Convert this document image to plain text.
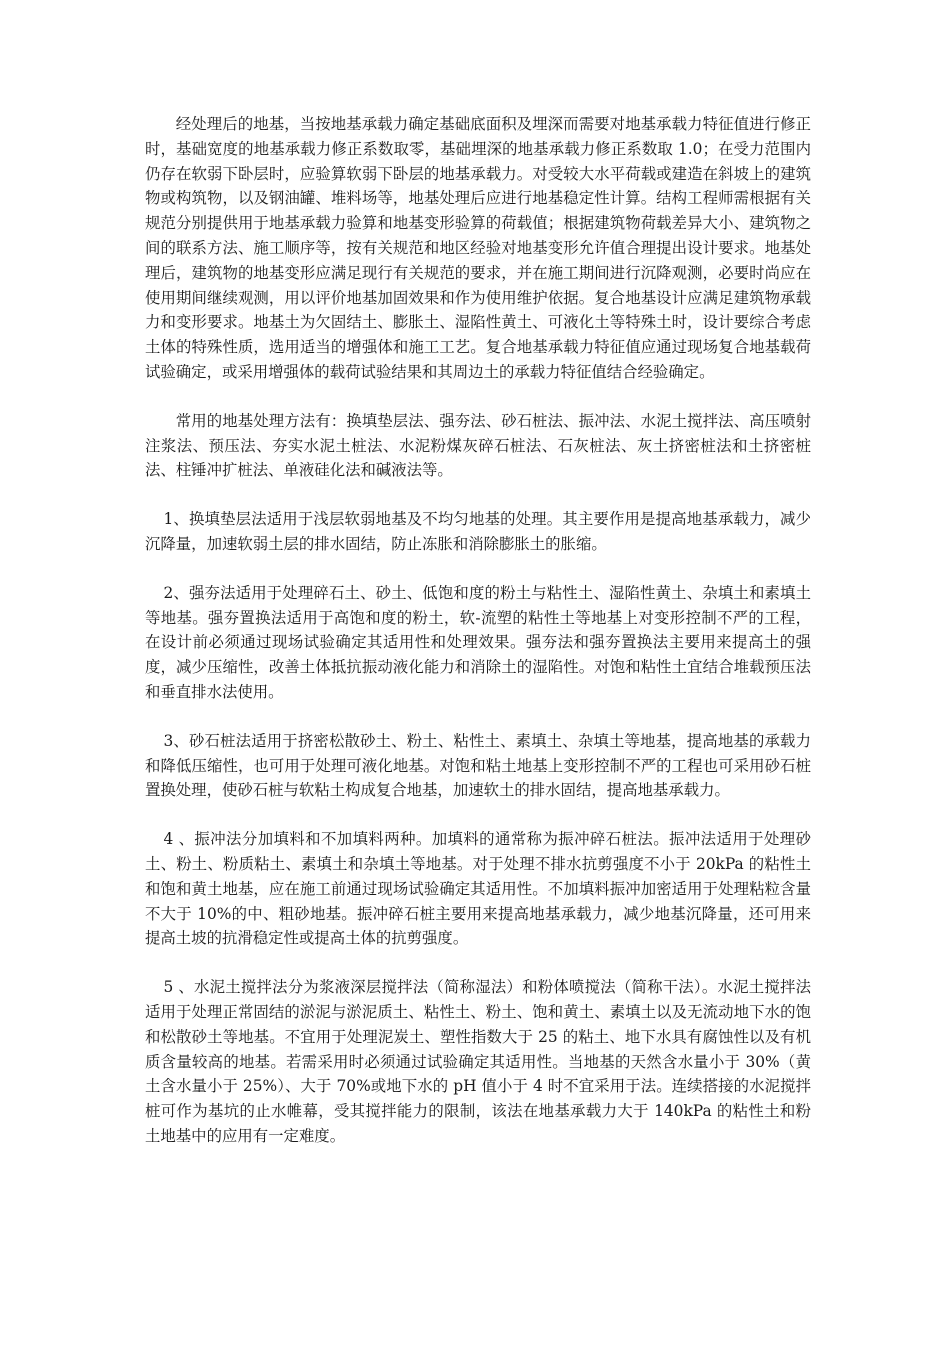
经处理后的地基，当按地基承载力确定基础底面积及埋深而需要对地基承载力特征值进行修正时，基础宽度的地基承载力修正系数取零，基础埋深的地基承载力修正系数取 1.0；在受力范围内仍存在软弱下卧层时，应验算软弱下卧层的地基承载力。对受较大水平荷载或建造在斜坡上的建筑物或构筑物，以及钢油罐、堆料场等，地基处理后应进行地基稳定性计算。结构工程师需根据有关规范分别提供用于地基承载力验算和地基变形验算的荷载值；根据建筑物荷载差异大小、建筑物之间的联系方法、施工顺序等，按有关规范和地区经验对地基变形允许值合理提出设计要求。地基处理后，建筑物的地基变形应满足现行有关规范的要求，并在施工期间进行沉降观测，必要时尚应在使用期间继续观测，用以评价地基加固效果和作为使用维护依据。复合地基设计应满足建筑物承载力和变形要求。地基土为欠固结土、膨胀土、湿陷性黄土、可液化土等特殊土时，设计要综合考虑土体的特殊性质，选用适当的增强体和施工工艺。复合地基承载力特征值应通过现场复合地基载荷试验确定，或采用增强体的载荷试验结果和其周边土的承载力特征值结合经验确定。

常用的地基处理方法有：换填垫层法、强夯法、砂石桩法、振冲法、水泥土搅拌法、高压喷射注浆法、预压法、夯实水泥土桩法、水泥粉煤灰碎石桩法、石灰桩法、灰土挤密桩法和土挤密桩法、柱锤冲扩桩法、单液硅化法和碱液法等。

1、换填垫层法适用于浅层软弱地基及不均匀地基的处理。其主要作用是提高地基承载力，减少沉降量，加速软弱土层的排水固结，防止冻胀和消除膨胀土的胀缩。

2、强夯法适用于处理碎石土、砂土、低饱和度的粉土与粘性土、湿陷性黄土、杂填土和素填土等地基。强夯置换法适用于高饱和度的粉土，软-流塑的粘性土等地基上对变形控制不严的工程，在设计前必须通过现场试验确定其适用性和处理效果。强夯法和强夯置换法主要用来提高土的强度，减少压缩性，改善土体抵抗振动液化能力和消除土的湿陷性。对饱和粘性土宜结合堆载预压法和垂直排水法使用。

3、砂石桩法适用于挤密松散砂土、粉土、粘性土、素填土、杂填土等地基，提高地基的承载力和降低压缩性，也可用于处理可液化地基。对饱和粘土地基上变形控制不严的工程也可采用砂石桩置换处理，使砂石桩与软粘土构成复合地基，加速软土的排水固结，提高地基承载力。

4 、振冲法分加填料和不加填料两种。加填料的通常称为振冲碎石桩法。振冲法适用于处理砂土、粉土、粉质粘土、素填土和杂填土等地基。对于处理不排水抗剪强度不小于 20kPa 的粘性土和饱和黄土地基，应在施工前通过现场试验确定其适用性。不加填料振冲加密适用于处理粘粒含量不大于 10%的中、粗砂地基。振冲碎石桩主要用来提高地基承载力，减少地基沉降量，还可用来提高土坡的抗滑稳定性或提高土体的抗剪强度。

5 、水泥土搅拌法分为浆液深层搅拌法（简称湿法）和粉体喷搅法（简称干法）。水泥土搅拌法适用于处理正常固结的淤泥与淤泥质土、粘性土、粉土、饱和黄土、素填土以及无流动地下水的饱和松散砂土等地基。不宜用于处理泥炭土、塑性指数大于 25 的粘土、地下水具有腐蚀性以及有机质含量较高的地基。若需采用时必须通过试验确定其适用性。当地基的天然含水量小于 30%（黄土含水量小于 25%）、大于 70%或地下水的 pH 值小于 4 时不宜采用于法。连续搭接的水泥搅拌桩可作为基坑的止水帷幕，受其搅拌能力的限制，该法在地基承载力大于 140kPa 的粘性土和粉土地基中的应用有一定难度。
